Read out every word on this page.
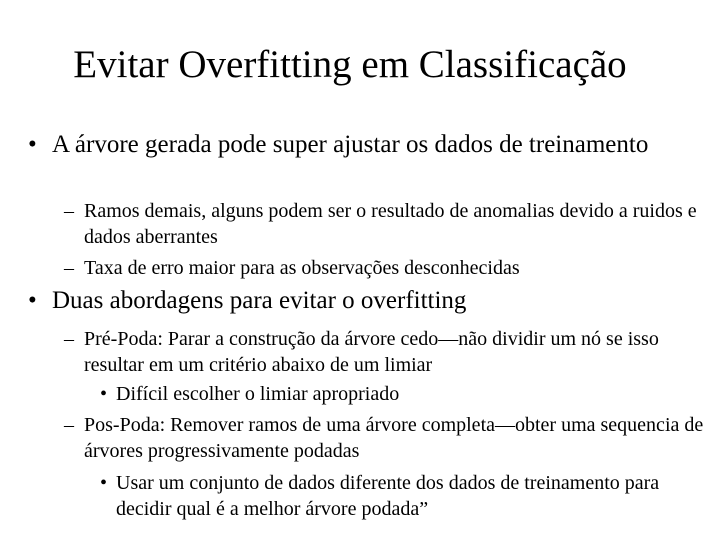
Evitar Overfitting em Classificação

• A árvore gerada pode super ajustar os dados de treinamento

– Ramos demais, alguns podem ser o resultado de anomalias devido a ruidos e dados aberrantes

– Taxa de erro maior para as observações desconhecidas

• Duas abordagens para evitar o overfitting

– Pré-Poda: Parar a construção da árvore cedo—não dividir um nó se isso resultar em um critério abaixo de um limiar

• Difícil escolher o limiar apropriado

– Pos-Poda: Remover ramos de uma árvore completa—obter uma sequencia de árvores progressivamente podadas

• Usar um conjunto de dados diferente dos dados de treinamento para decidir qual é a melhor árvore podada”
